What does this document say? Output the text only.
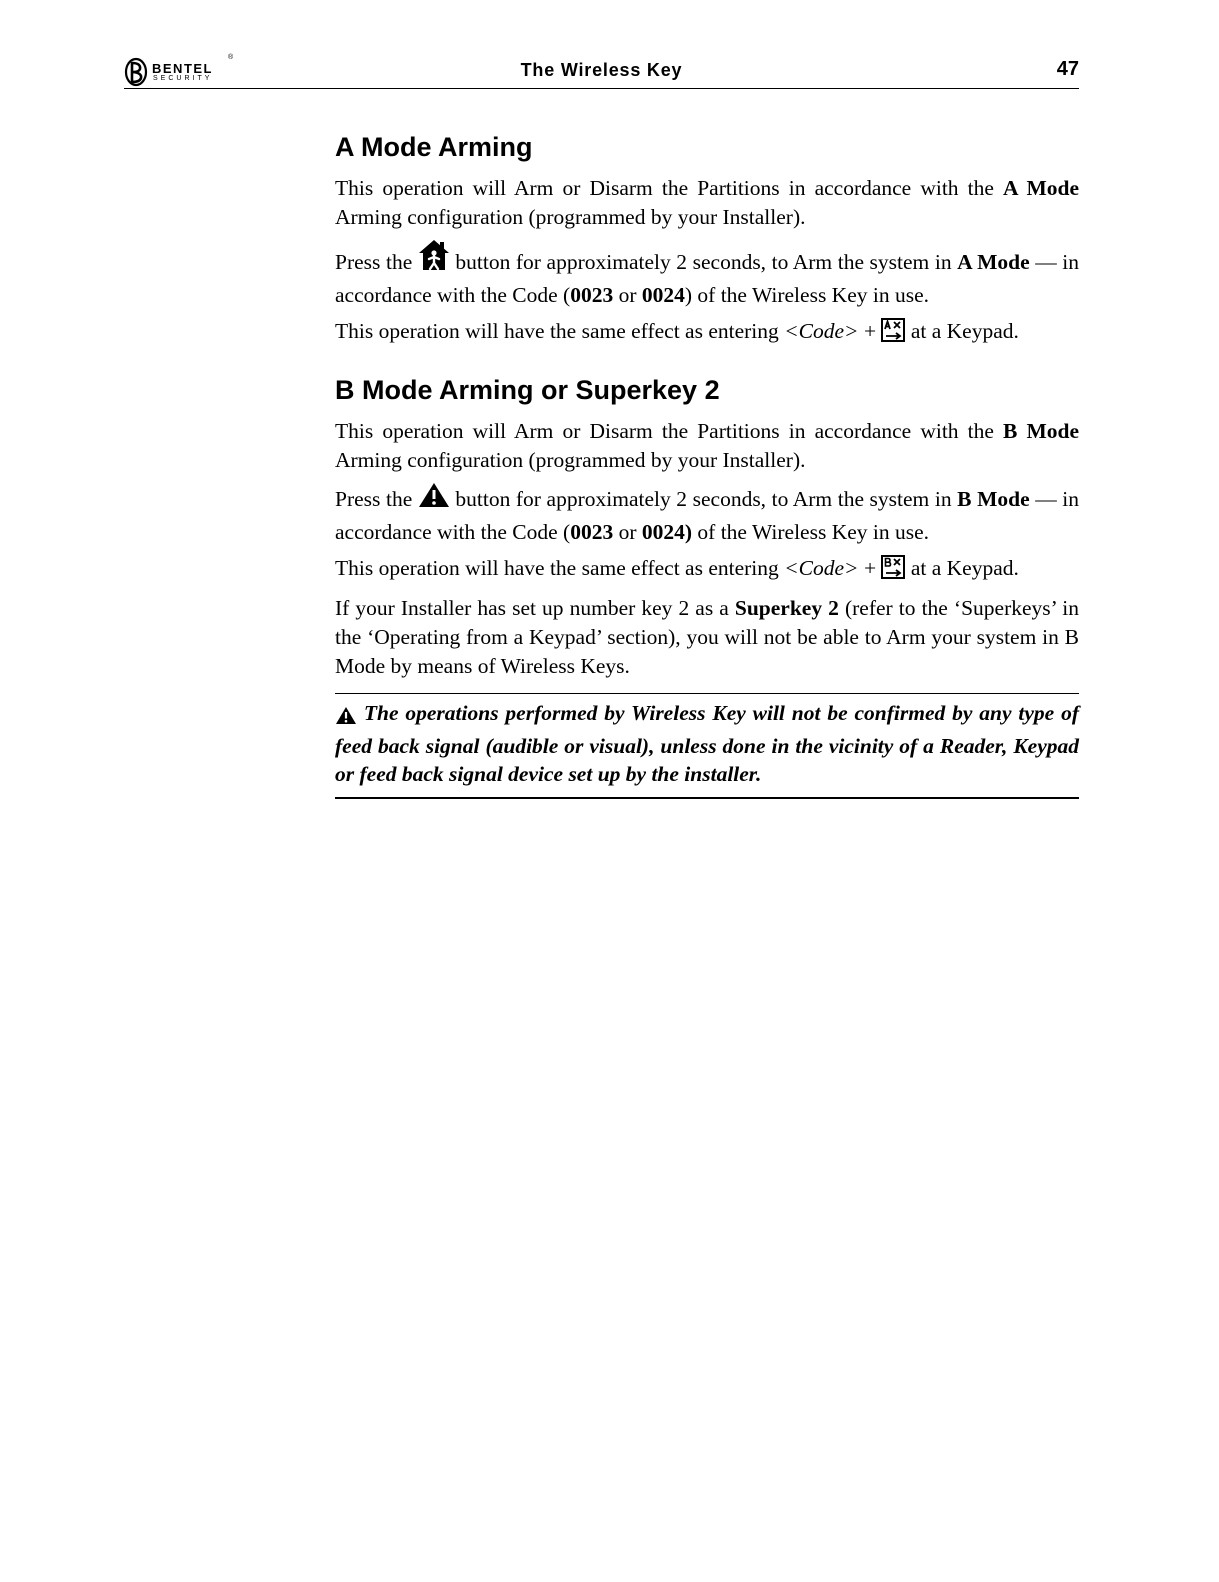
BENTEL
SECURITY
®
The Wireless Key	47
A Mode Arming

This operation will Arm or Disarm the Partitions in accordance with the A Mode Arming configuration (programmed by your Installer).

Press the  button for approximately 2 seconds, to Arm the system in A Mode — in accordance with the Code (0023 or 0024) of the Wireless Key in use.

This operation will have the same effect as entering <Code> +  at a Keypad.

B Mode Arming or Superkey 2

This operation will Arm or Disarm the Partitions in accordance with the B Mode Arming configuration (programmed by your Installer).

Press the  button for approximately 2 seconds, to Arm the system in B Mode — in accordance with the Code (0023 or 0024) of the Wireless Key in use.

This operation will have the same effect as entering <Code> +  at a Keypad.

If your Installer has set up number key 2 as a Superkey 2 (refer to the ‘Superkeys’ in the ‘Operating from a Keypad’ section), you will not be able to Arm your system in B Mode by means of Wireless Keys.

The operations performed by Wireless Key will not be confirmed by any type of feed back signal (audible or visual), unless done in the vicinity of a Reader, Keypad or feed back signal device set up by the installer.
